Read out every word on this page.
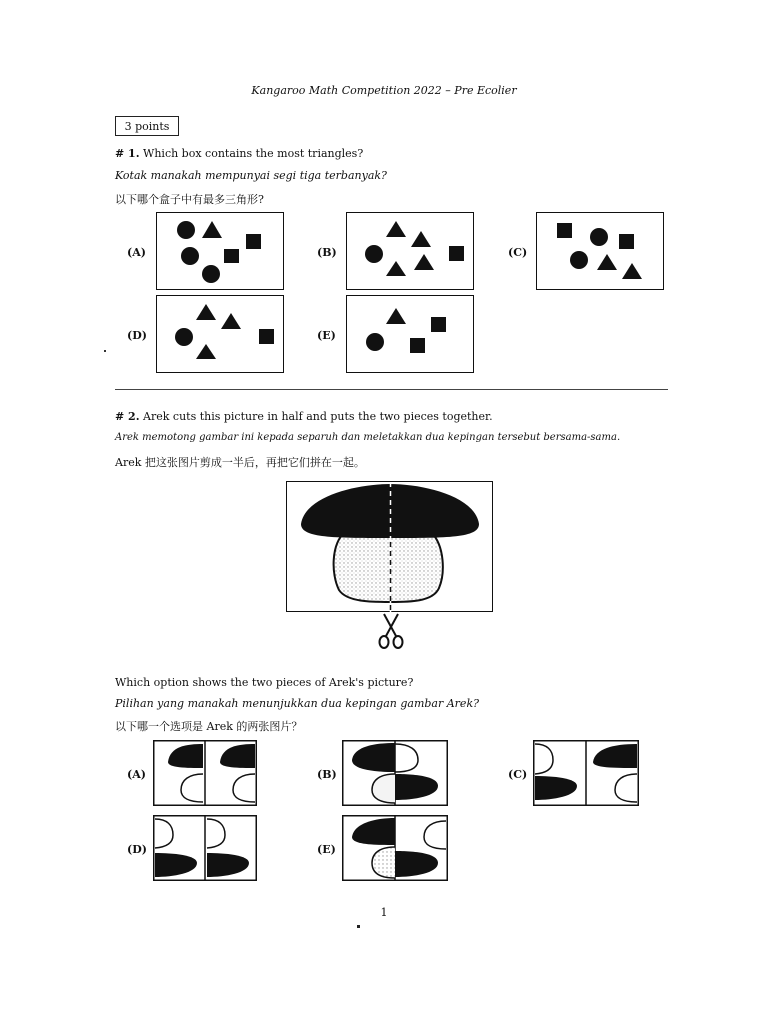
Kangaroo Math Competition 2022 – Pre Ecolier
3 points
# 1. Which box contains the most triangles?
Kotak manakah mempunyai segi tiga terbanyak?
以下哪个盒子中有最多三角形?
(A)	(B)	(C)
(D)	(E)
# 2. Arek cuts this picture in half and puts the two pieces together.
Arek memotong gambar ini kepada separuh dan meletakkan dua kepingan tersebut bersama-sama.
Arek 把这张图片剪成一半后，再把它们拼在一起。
Which option shows the two pieces of Arek's picture?
Pilihan yang manakah menunjukkan dua kepingan gambar Arek?
以下哪一个选项是 Arek 的两张图片？
(A)	(B)	(C)
(D)	(E)
1
